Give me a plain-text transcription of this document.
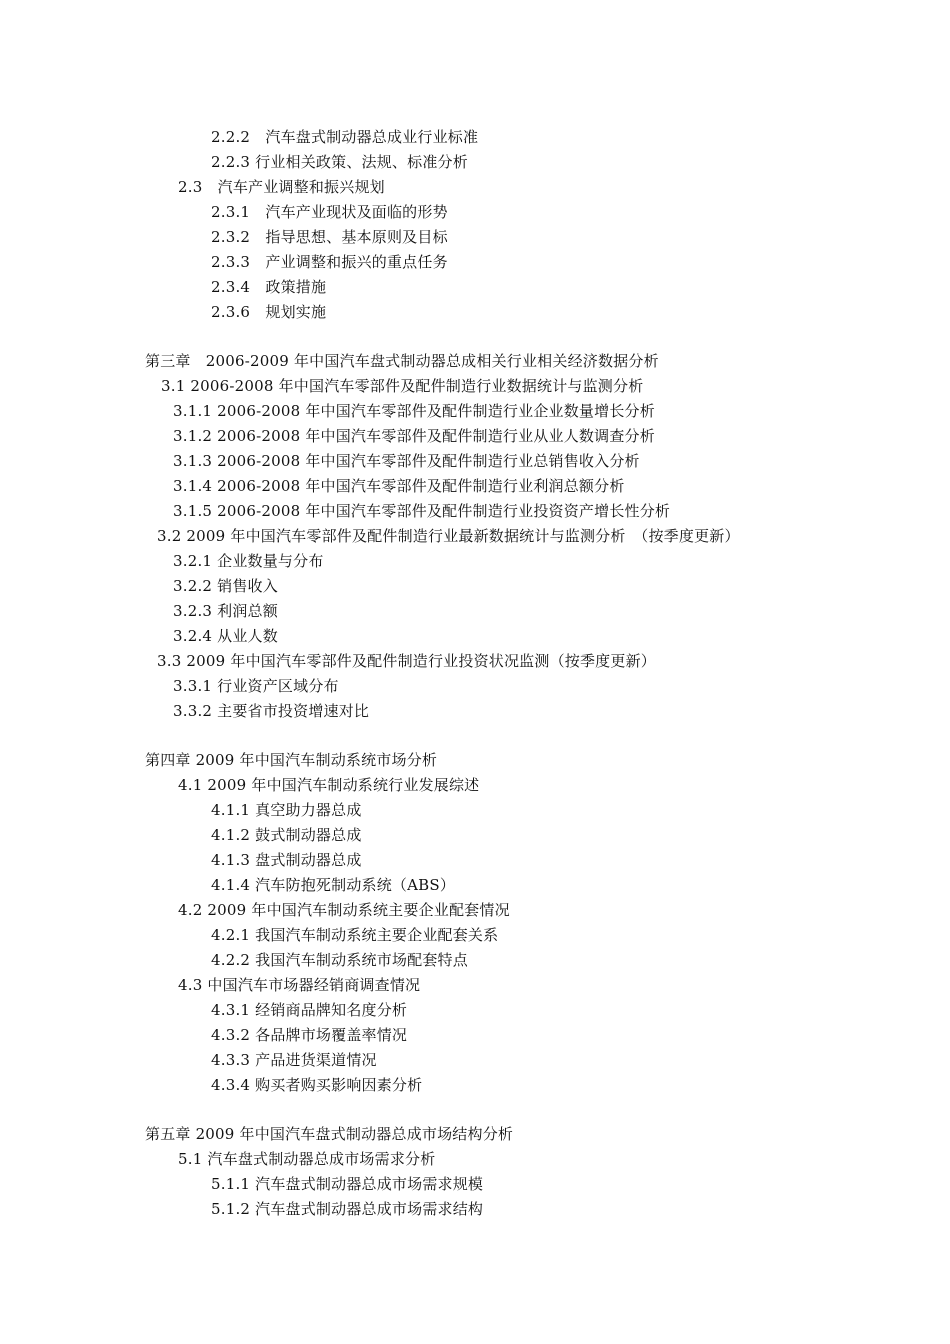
2.2.2　汽车盘式制动器总成业行业标准
2.2.3 行业相关政策、法规、标准分析
2.3　汽车产业调整和振兴规划
2.3.1　汽车产业现状及面临的形势
2.3.2　指导思想、基本原则及目标
2.3.3　产业调整和振兴的重点任务
2.3.4　政策措施
2.3.6　规划实施
第三章　2006-2009 年中国汽车盘式制动器总成相关行业相关经济数据分析
3.1 2006-2008 年中国汽车零部件及配件制造行业数据统计与监测分析
3.1.1 2006-2008 年中国汽车零部件及配件制造行业企业数量增长分析
3.1.2 2006-2008 年中国汽车零部件及配件制造行业从业人数调查分析
3.1.3 2006-2008 年中国汽车零部件及配件制造行业总销售收入分析
3.1.4 2006-2008 年中国汽车零部件及配件制造行业利润总额分析
3.1.5 2006-2008 年中国汽车零部件及配件制造行业投资资产增长性分析
3.2 2009 年中国汽车零部件及配件制造行业最新数据统计与监测分析　（按季度更新）
3.2.1 企业数量与分布
3.2.2 销售收入
3.2.3 利润总额
3.2.4 从业人数
3.3 2009 年中国汽车零部件及配件制造行业投资状况监测（按季度更新）
3.3.1 行业资产区域分布
3.3.2 主要省市投资增速对比
第四章 2009 年中国汽车制动系统市场分析
4.1 2009 年中国汽车制动系统行业发展综述
4.1.1 真空助力器总成
4.1.2 鼓式制动器总成
4.1.3 盘式制动器总成
4.1.4 汽车防抱死制动系统（ABS）
4.2 2009 年中国汽车制动系统主要企业配套情况
4.2.1 我国汽车制动系统主要企业配套关系
4.2.2 我国汽车制动系统市场配套特点
4.3 中国汽车市场器经销商调查情况
4.3.1 经销商品牌知名度分析
4.3.2 各品牌市场覆盖率情况
4.3.3 产品进货渠道情况
4.3.4 购买者购买影响因素分析
第五章 2009 年中国汽车盘式制动器总成市场结构分析
5.1 汽车盘式制动器总成市场需求分析
5.1.1 汽车盘式制动器总成市场需求规模
5.1.2 汽车盘式制动器总成市场需求结构
